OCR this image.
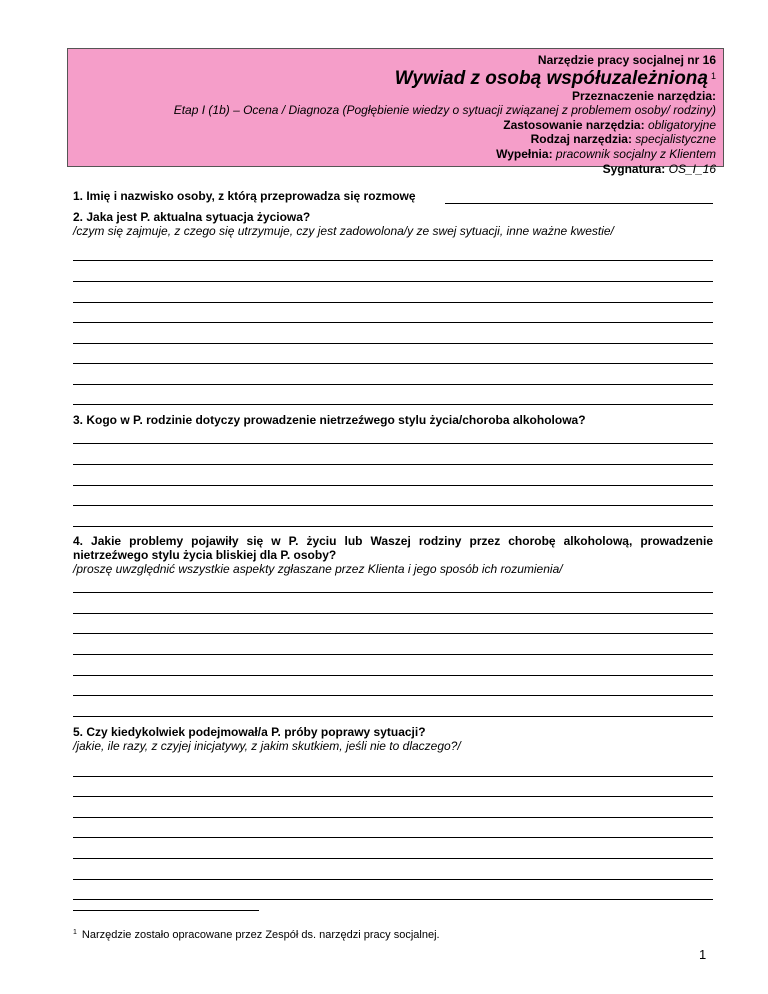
Narzędzie pracy socjalnej nr 16
Wywiad z osobą współuzależnioną $^1$
Przeznaczenie narzędzia:
Etap I (1b) – Ocena / Diagnoza (Pogłębienie wiedzy o sytuacji związanej z problemem osoby/ rodziny)
Zastosowanie narzędzia: obligatoryjne
Rodzaj narzędzia: specjalistyczne
Wypełnia: pracownik socjalny z Klientem
Sygnatura: OS_I_16
1. Imię i nazwisko osoby, z którą przeprowadza się rozmowę
2. Jaka jest P. aktualna sytuacja życiowa?
/czym się zajmuje, z czego się utrzymuje, czy jest zadowolona/y ze swej sytuacji, inne ważne kwestie/
3. Kogo w P. rodzinie dotyczy prowadzenie nietrzeźwego stylu życia/choroba alkoholowa?
4. Jakie problemy pojawiły się w P. życiu lub Waszej rodziny przez chorobę alkoholową, prowadzenie nietrzeźwego stylu życia bliskiej dla P. osoby?
/proszę uwzględnić wszystkie aspekty zgłaszane przez Klienta i jego sposób ich rozumienia/
5. Czy kiedykolwiek podejmował/a P. próby poprawy sytuacji?
/jakie, ile razy, z czyjej inicjatywy, z jakim skutkiem, jeśli nie to dlaczego?/
$^1$ Narzędzie zostało opracowane przez Zespół ds. narzędzi pracy socjalnej.
1
